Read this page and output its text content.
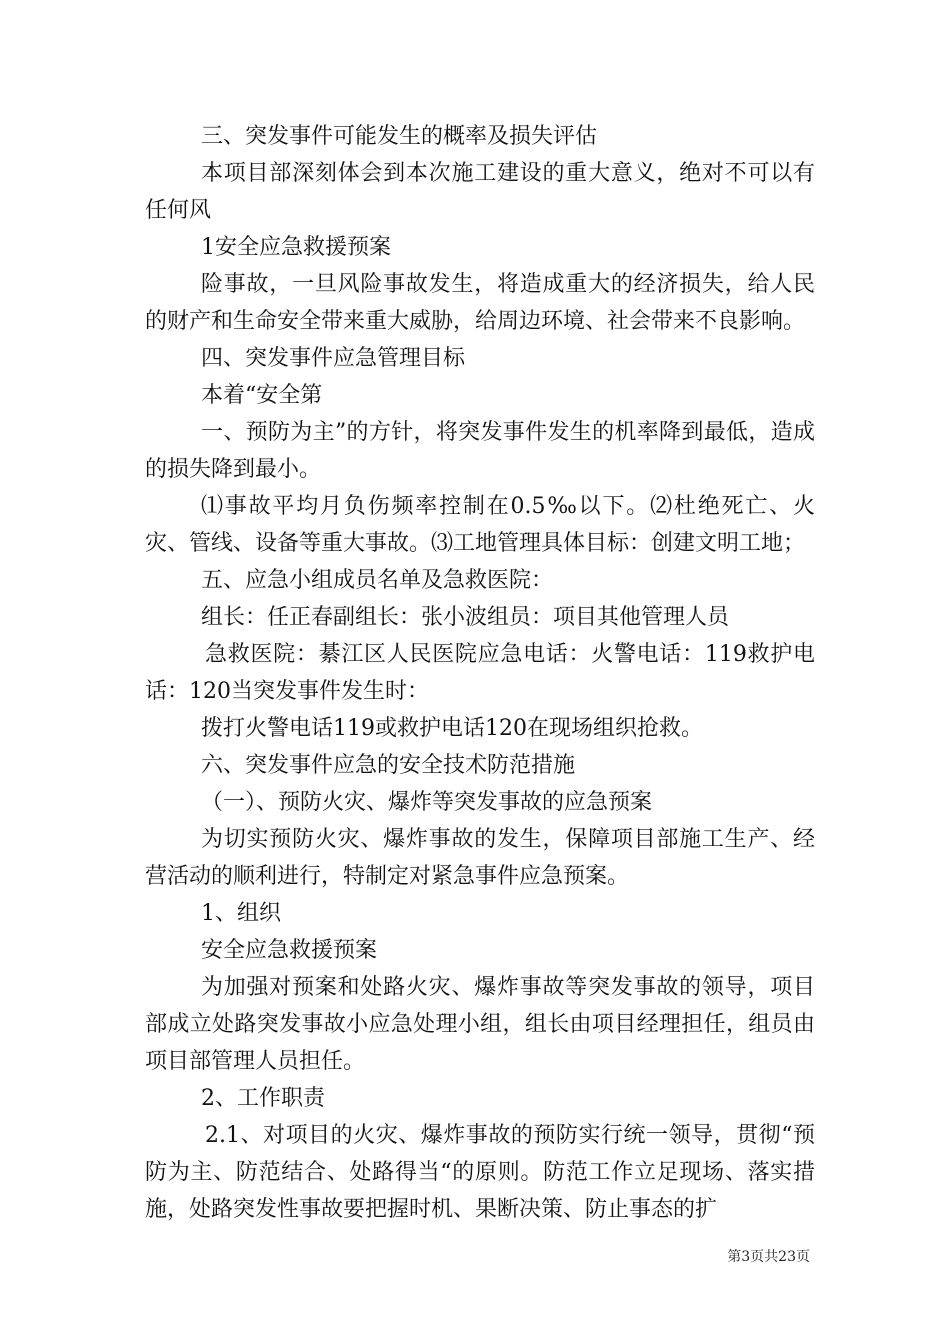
三、突发事件可能发生的概率及损失评估

本项目部深刻体会到本次施工建设的重大意义，绝对不可以有任何风

1安全应急救援预案

险事故，一旦风险事故发生，将造成重大的经济损失，给人民的财产和生命安全带来重大威胁，给周边环境、社会带来不良影响。

四、突发事件应急管理目标

本着“安全第

一、预防为主”的方针，将突发事件发生的机率降到最低，造成的损失降到最小。

⑴事故平均月负伤频率控制在0.5‰以下。⑵杜绝死亡、火灾、管线、设备等重大事故。⑶工地管理具体目标：创建文明工地；

五、应急小组成员名单及急救医院：

组长：任正春副组长：张小波组员：项目其他管理人员

急救医院：綦江区人民医院应急电话：火警电话：119救护电话：120当突发事件发生时：

拨打火警电话119或救护电话120在现场组织抢救。

六、突发事件应急的安全技术防范措施

（一）、预防火灾、爆炸等突发事故的应急预案

为切实预防火灾、爆炸事故的发生，保障项目部施工生产、经营活动的顺利进行，特制定对紧急事件应急预案。

1、组织

安全应急救援预案

为加强对预案和处路火灾、爆炸事故等突发事故的领导，项目部成立处路突发事故小应急处理小组，组长由项目经理担任，组员由项目部管理人员担任。

2、工作职责

2.1、对项目的火灾、爆炸事故的预防实行统一领导，贯彻“预防为主、防范结合、处路得当“的原则。防范工作立足现场、落实措施，处路突发性事故要把握时机、果断决策、防止事态的扩

第3页共23页
